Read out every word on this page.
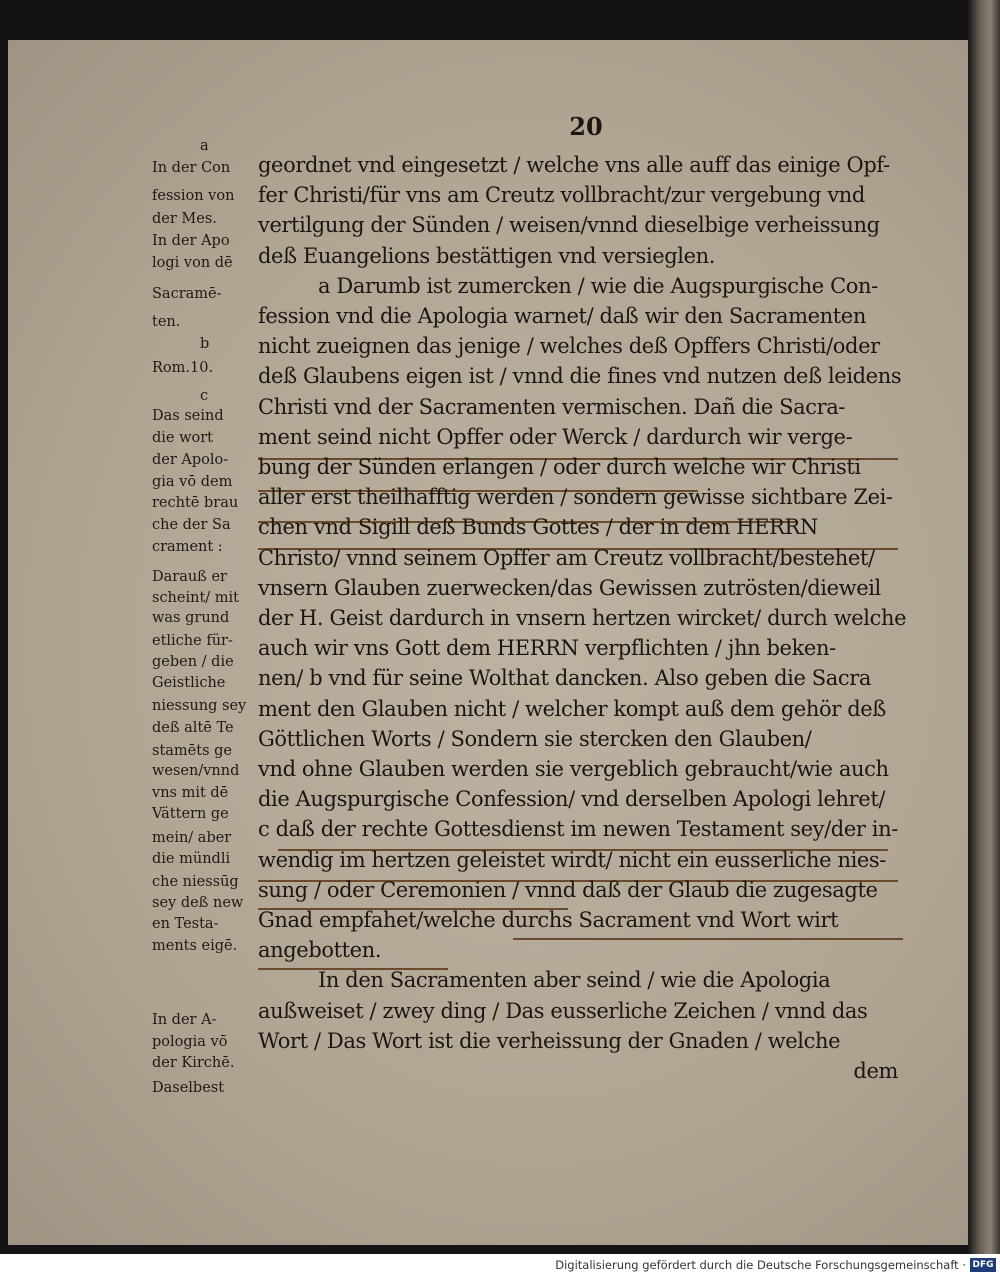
20
a
In der Con
fession von
der Mes.
In der Apo
logi von dē
Sacramē-
ten.
b
Rom.10.
c
Das seind
die wort
der Apolo-
gia vō dem
rechtē brau
che der Sa
crament :
Darauß er
scheint/ mit
was grund
etliche für-
geben / die
Geistliche
niessung sey
deß altē Te
stamēts ge
wesen/vnnd
vns mit dē
Vättern ge
mein/ aber
die mündli
che niessūg
sey deß new
en Testa-
ments eigē.
In der A-
pologia vō
der Kirchē.
Daselbest
geordnet vnd eingesetzt / welche vns alle auff das einige Opf-
fer Christi/für vns am Creutz vollbracht/zur vergebung vnd
vertilgung der Sünden / weisen/vnnd dieselbige verheissung
deß Euangelions bestättigen vnd versieglen.
a Darumb ist zumercken / wie die Augspurgische Con-
fession vnd die Apologia warnet/ daß wir den Sacramenten
nicht zueignen das jenige / welches deß Opffers Christi/oder
deß Glaubens eigen ist / vnnd die fines vnd nutzen deß leidens
Christi vnd der Sacramenten vermischen. Dañ die Sacra-
ment seind nicht Opffer oder Werck / dardurch wir verge-
bung der Sünden erlangen / oder durch welche wir Christi
aller erst theilhafftig werden / sondern gewisse sichtbare Zei-
chen vnd Sigill deß Bunds Gottes / der in dem HERRN
Christo/ vnnd seinem Opffer am Creutz vollbracht/bestehet/
vnsern Glauben zuerwecken/das Gewissen zutrösten/dieweil
der H. Geist dardurch in vnsern hertzen wircket/ durch welche
auch wir vns Gott dem HERRN verpflichten / jhn beken-
nen/ b vnd für seine Wolthat dancken. Also geben die Sacra
ment den Glauben nicht / welcher kompt auß dem gehör deß
Göttlichen Worts / Sondern sie stercken den Glauben/
vnd ohne Glauben werden sie vergeblich gebraucht/wie auch
die Augspurgische Confession/ vnd derselben Apologi lehret/
c daß der rechte Gottesdienst im newen Testament sey/der in-
wendig im hertzen geleistet wirdt/ nicht ein eusserliche nies-
sung / oder Ceremonien / vnnd daß der Glaub die zugesagte
Gnad empfahet/welche durchs Sacrament vnd Wort wirt
angebotten.
In den Sacramenten aber seind / wie die Apologia
außweiset / zwey ding / Das eusserliche Zeichen / vnnd das
Wort / Das Wort ist die verheissung der Gnaden / welche
dem
Digitalisierung gefördert durch die Deutsche Forschungsgemeinschaft · DFG
